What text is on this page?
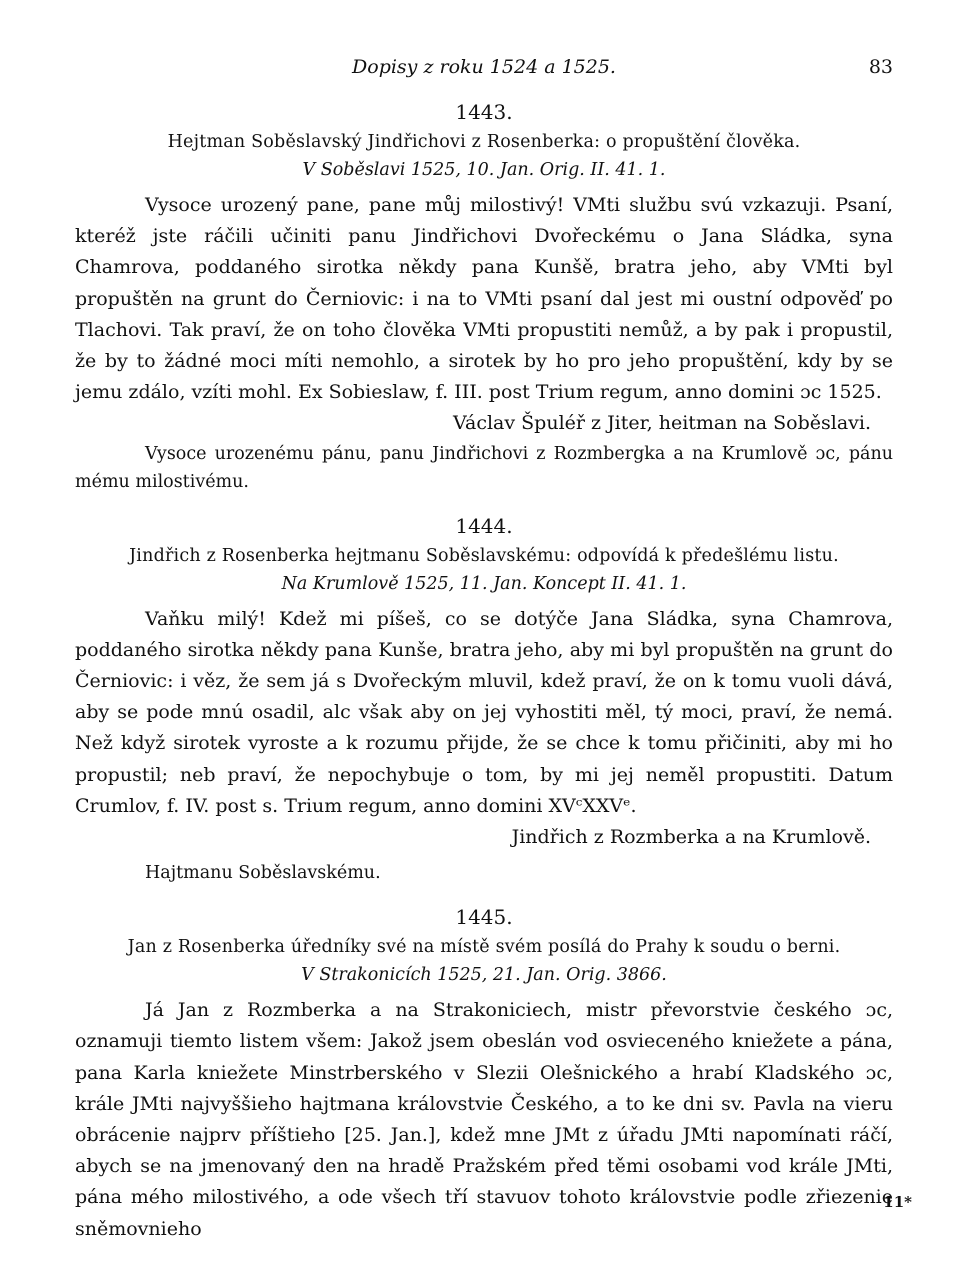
Dopisy z roku 1524 a 1525.	83
1443.

Hejtman Soběslavský Jindřichovi z Rosenberka: o propuštění člověka.

V Soběslavi 1525, 10. Jan. Orig. II. 41. 1.

Vysoce urozený pane, pane můj milostivý! VMti službu svú vzkazuji. Psaní, kteréž jste ráčili učiniti panu Jindřichovi Dvořeckému o Jana Sládka, syna Chamrova, poddaného sirotka někdy pana Kunšě, bratra jeho, aby VMti byl propuštěn na grunt do Černiovic: i na to VMti psaní dal jest mi oustní odpověď po Tlachovi. Tak praví, že on toho člověka VMti propustiti nemůž, a by pak i propustil, že by to žádné moci míti nemohlo, a sirotek by ho pro jeho propuštění, kdy by se jemu zdálo, vzíti mohl. Ex Sobieslaw, f. III. post Trium regum, anno domini ɔc 1525.

Václav Špuléř z Jiter, heitman na Soběslavi.

Vysoce urozenému pánu, panu Jindřichovi z Rozmbergka a na Krumlově ɔc, pánu mému milostivému.

1444.

Jindřich z Rosenberka hejtmanu Soběslavskému: odpovídá k předešlému listu.

Na Krumlově 1525, 11. Jan. Koncept II. 41. 1.

Vaňku milý! Kdež mi píšeš, co se dotýče Jana Sládka, syna Chamrova, poddaného sirotka někdy pana Kunše, bratra jeho, aby mi byl propuštěn na grunt do Černiovic: i věz, že sem já s Dvořeckým mluvil, kdež praví, že on k tomu vuoli dává, aby se pode mnú osadil, alc však aby on jej vyhostiti měl, tý moci, praví, že nemá. Než když sirotek vyroste a k rozumu přijde, že se chce k tomu přičiniti, aby mi ho propustil; neb praví, že nepochybuje o tom, by mi jej neměl propustiti. Datum Crumlov, f. IV. post s. Trium regum, anno domini XVᶜXXVᵉ.

Jindřich z Rozmberka a na Krumlově.

Hajtmanu Soběslavskému.

1445.

Jan z Rosenberka úředníky své na místě svém posílá do Prahy k soudu o berni.

V Strakonicích 1525, 21. Jan. Orig. 3866.

Já Jan z Rozmberka a na Strakoniciech, mistr převorstvie českého ɔc, oznamuji tiemto listem všem: Jakož jsem obeslán vod osvieceného kniežete a pána, pana Karla kniežete Minstrberského v Slezii Olešnického a hrabí Kladského ɔc, krále JMti najvyššieho hajtmana královstvie Českého, a to ke dni sv. Pavla na vieru obrácenie najprv příštieho [25. Jan.], kdež mne JMt z úřadu JMti napomínati ráčí, abych se na jmenovaný den na hradě Pražském před těmi osobami vod krále JMti, pána mého milostivého, a ode všech tří stavuov tohoto královstvie podle zřiezenie sněmovnieho

11*
